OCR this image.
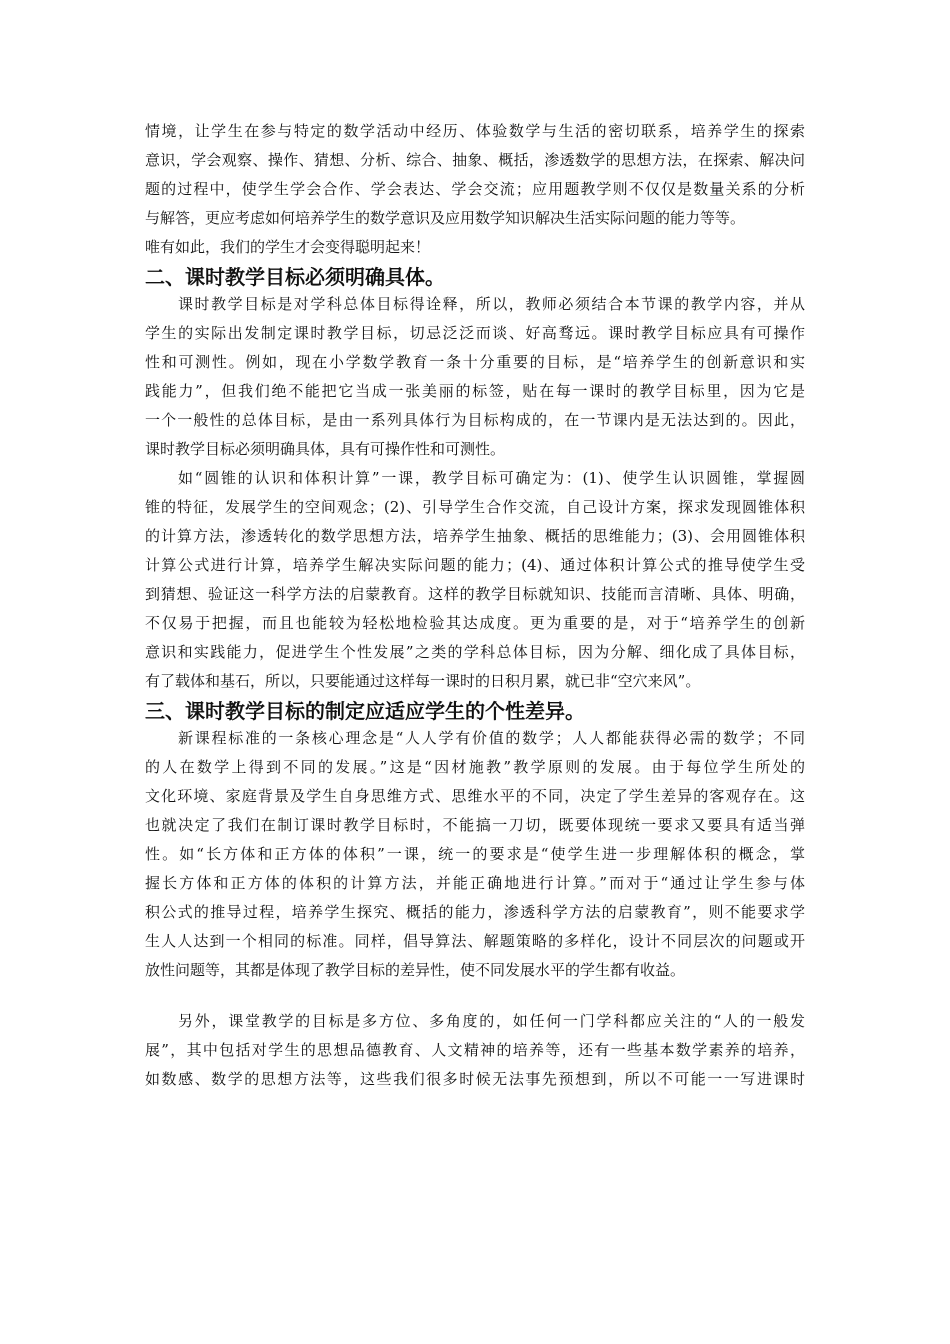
情境，让学生在参与特定的数学活动中经历、体验数学与生活的密切联系，培养学生的探索
意识，学会观察、操作、猜想、分析、综合、抽象、概括，渗透数学的思想方法，在探索、解决问
题的过程中，使学生学会合作、学会表达、学会交流；应用题教学则不仅仅是数量关系的分析
与解答，更应考虑如何培养学生的数学意识及应用数学知识解决生活实际问题的能力等等。
唯有如此，我们的学生才会变得聪明起来！
二、课时教学目标必须明确具体。
课时教学目标是对学科总体目标得诠释，所以，教师必须结合本节课的教学内容，并从
学生的实际出发制定课时教学目标，切忌泛泛而谈、好高骛远。课时教学目标应具有可操作
性和可测性。例如，现在小学数学教育一条十分重要的目标，是“培养学生的创新意识和实
践能力”，但我们绝不能把它当成一张美丽的标签，贴在每一课时的教学目标里，因为它是
一个一般性的总体目标，是由一系列具体行为目标构成的，在一节课内是无法达到的。因此，
课时教学目标必须明确具体，具有可操作性和可测性。
如“圆锥的认识和体积计算”一课，教学目标可确定为：(1)、使学生认识圆锥，掌握圆
锥的特征，发展学生的空间观念；(2)、引导学生合作交流，自己设计方案，探求发现圆锥体积
的计算方法，渗透转化的数学思想方法，培养学生抽象、概括的思维能力；(3)、会用圆锥体积
计算公式进行计算，培养学生解决实际问题的能力；(4)、通过体积计算公式的推导使学生受
到猜想、验证这一科学方法的启蒙教育。这样的教学目标就知识、技能而言清晰、具体、明确，
不仅易于把握，而且也能较为轻松地检验其达成度。更为重要的是，对于“培养学生的创新
意识和实践能力，促进学生个性发展”之类的学科总体目标，因为分解、细化成了具体目标，
有了载体和基石，所以，只要能通过这样每一课时的日积月累，就已非“空穴来风”。
三、课时教学目标的制定应适应学生的个性差异。
新课程标准的一条核心理念是“人人学有价值的数学；人人都能获得必需的数学；不同
的人在数学上得到不同的发展。”这是“因材施教”教学原则的发展。由于每位学生所处的
文化环境、家庭背景及学生自身思维方式、思维水平的不同，决定了学生差异的客观存在。这
也就决定了我们在制订课时教学目标时，不能搞一刀切，既要体现统一要求又要具有适当弹
性。如“长方体和正方体的体积”一课，统一的要求是“使学生进一步理解体积的概念，掌
握长方体和正方体的体积的计算方法，并能正确地进行计算。”而对于“通过让学生参与体
积公式的推导过程，培养学生探究、概括的能力，渗透科学方法的启蒙教育”，则不能要求学
生人人达到一个相同的标准。同样，倡导算法、解题策略的多样化，设计不同层次的问题或开
放性问题等，其都是体现了教学目标的差异性，使不同发展水平的学生都有收益。
另外，课堂教学的目标是多方位、多角度的，如任何一门学科都应关注的“人的一般发
展”，其中包括对学生的思想品德教育、人文精神的培养等，还有一些基本数学素养的培养，
如数感、数学的思想方法等，这些我们很多时候无法事先预想到，所以不可能一一写进课时
